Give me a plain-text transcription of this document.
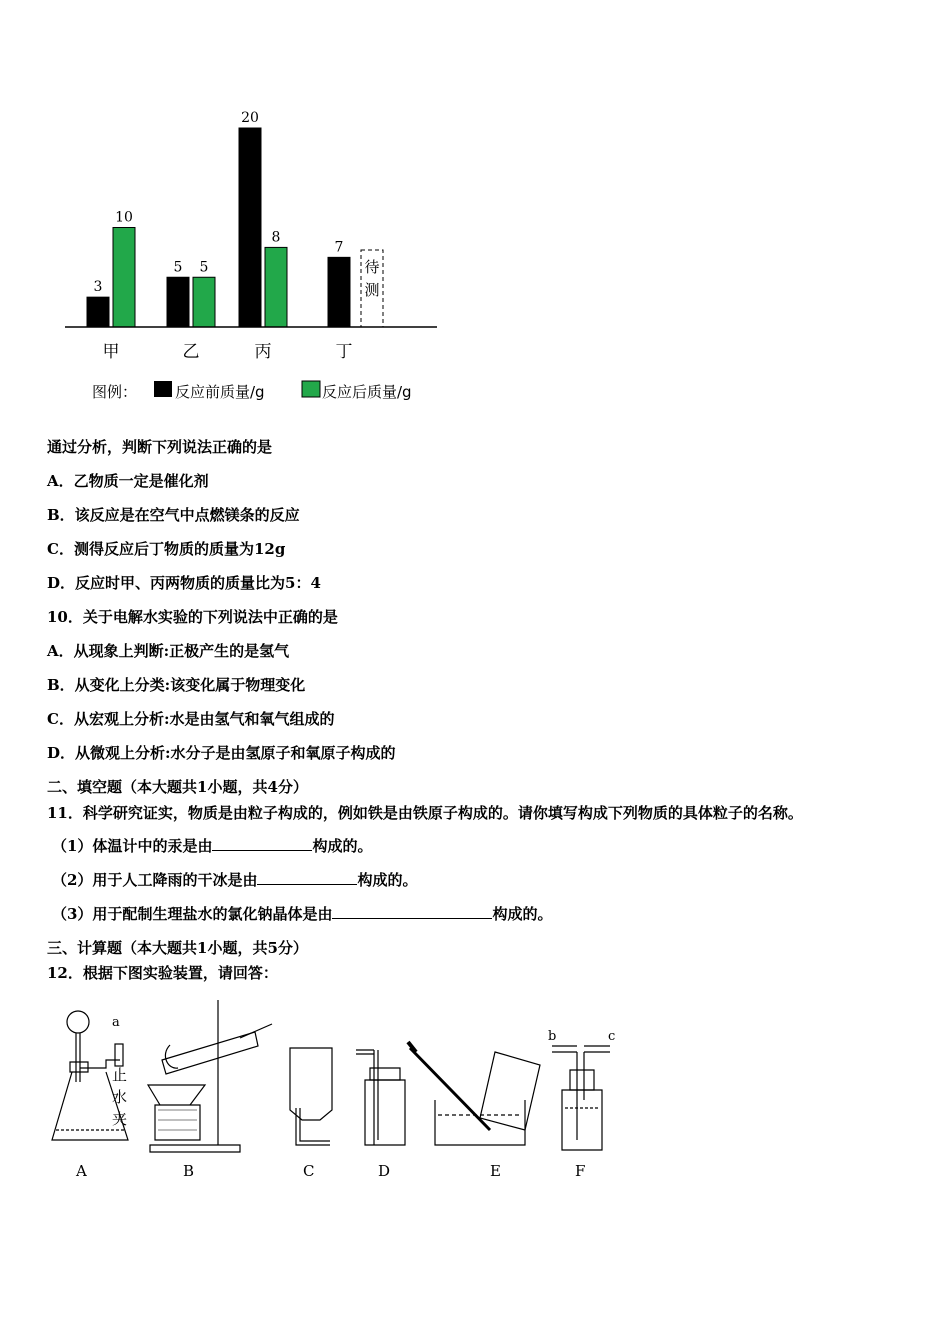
3
10
5 5
20
8
7
待
测
甲	乙	丙	丁
图例：	反应前质量/g	反应后质量/g
通过分析，判断下列说法正确的是
A．乙物质一定是催化剂
B．该反应是在空气中点燃镁条的反应
C．测得反应后丁物质的质量为12g
D．反应时甲、丙两物质的质量比为5：4
10．关于电解水实验的下列说法中正确的是
A．从现象上判断:正极产生的是氢气
B．从变化上分类:该变化属于物理变化
C．从宏观上分析:水是由氢气和氧气组成的
D．从微观上分析:水分子是由氢原子和氧原子构成的
二、填空题（本大题共1小题，共4分）
11．科学研究证实，物质是由粒子构成的，例如铁是由铁原子构成的。请你填写构成下列物质的具体粒子的名称。
（1）体温计中的汞是由	构成的。
（2）用于人工降雨的干冰是由	构成的。
（3）用于配制生理盐水的氯化钠晶体是由	构成的。
三、计算题（本大题共1小题，共5分）
12．根据下图实验装置，请回答：
a
止
水
夹
A	B	C	D	E
b	c
F
